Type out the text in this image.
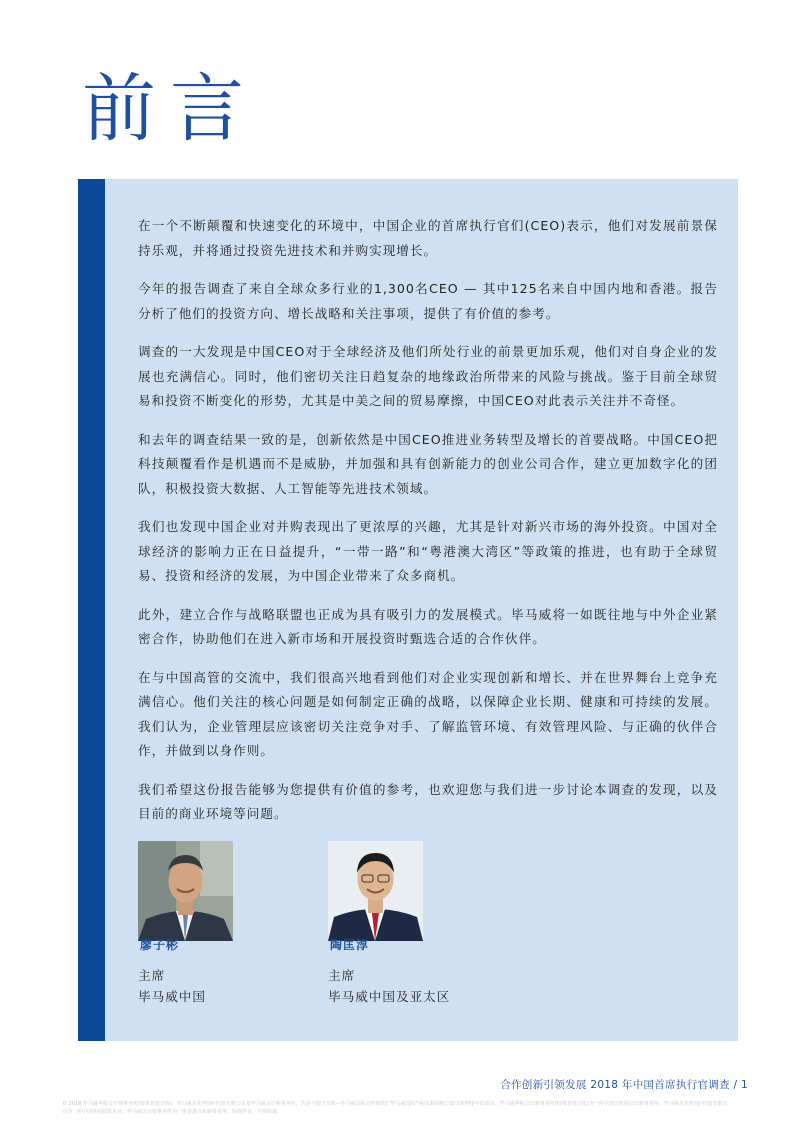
前言

在一个不断颠覆和快速变化的环境中，中国企业的首席执行官们(CEO)表示，他们对发展前景保持乐观，并将通过投资先进技术和并购实现增长。

今年的报告调查了来自全球众多行业的1,300名CEO — 其中125名来自中国内地和香港。报告分析了他们的投资方向、增长战略和关注事项，提供了有价值的参考。

调查的一大发现是中国CEO对于全球经济及他们所处行业的前景更加乐观，他们对自身企业的发展也充满信心。同时，他们密切关注日趋复杂的地缘政治所带来的风险与挑战。鉴于目前全球贸易和投资不断变化的形势，尤其是中美之间的贸易摩擦，中国CEO对此表示关注并不奇怪。

和去年的调查结果一致的是，创新依然是中国CEO推进业务转型及增长的首要战略。中国CEO把科技颠覆看作是机遇而不是威胁，并加强和具有创新能力的创业公司合作，建立更加数字化的团队，积极投资大数据、人工智能等先进技术领域。

我们也发现中国企业对并购表现出了更浓厚的兴趣，尤其是针对新兴市场的海外投资。中国对全球经济的影响力正在日益提升，“一带一路”和“粤港澳大湾区”等政策的推进，也有助于全球贸易、投资和经济的发展，为中国企业带来了众多商机。

此外，建立合作与战略联盟也正成为具有吸引力的发展模式。毕马威将一如既往地与中外企业紧密合作，协助他们在进入新市场和开展投资时甄选合适的合作伙伴。

在与中国高管的交流中，我们很高兴地看到他们对企业实现创新和增长、并在世界舞台上竞争充满信心。他们关注的核心问题是如何制定正确的战略，以保障企业长期、健康和可持续的发展。我们认为，企业管理层应该密切关注竞争对手、了解监管环境、有效管理风险、与正确的伙伴合作，并做到以身作则。

我们希望这份报告能够为您提供有价值的参考，也欢迎您与我们进一步讨论本调查的发现，以及目前的商业环境等问题。

廖子彬
主席
毕马威中国
陶匡淳
主席
毕马威中国及亚太区
合作创新引领发展 2018 年中国首席执行官调查 / 1
© 2018 毕马威华振会计师事务所(特殊普通合伙)、毕马威企业咨询(中国)有限公司及毕马威会计师事务所，均是与瑞士实体—毕马威国际合作组织(“毕马威国际”)相关联的独立成员所网络中的成员。毕马威华振会计师事务所(特殊普通合伙)为一所中国合伙制会计师事务所；毕马威企业咨询(中国)有限公司为一所中国外商独资企业；毕马威会计师事务所为一所香港合伙制事务所。版权所有，不得转载。
